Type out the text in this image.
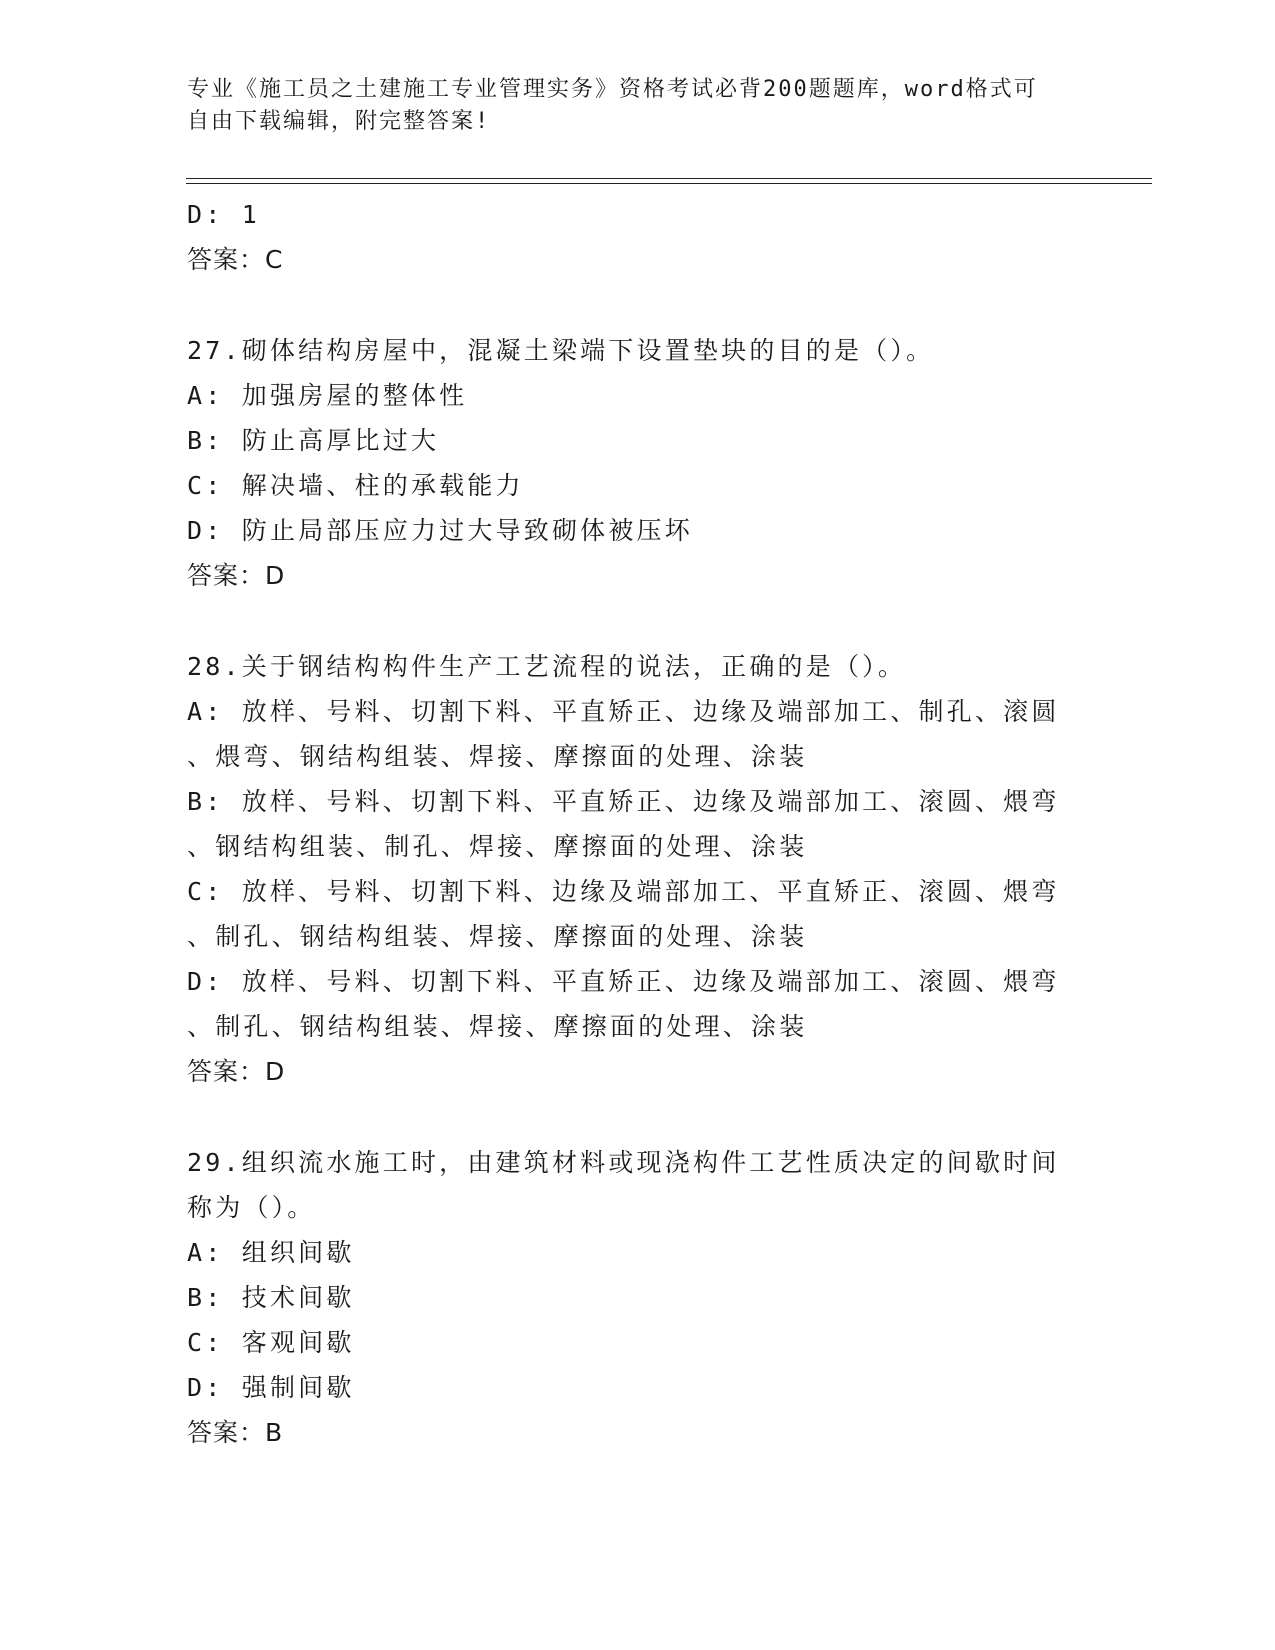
专业《施工员之土建施工专业管理实务》资格考试必背200题题库，word格式可
自由下载编辑，附完整答案!
D: 1
答案：C
27.砌体结构房屋中，混凝土梁端下设置垫块的目的是（）。
A: 加强房屋的整体性
B: 防止高厚比过大
C: 解决墙、柱的承载能力
D: 防止局部压应力过大导致砌体被压坏
答案：D
28.关于钢结构构件生产工艺流程的说法，正确的是（）。
A: 放样、号料、切割下料、平直矫正、边缘及端部加工、制孔、滚圆
、煨弯、钢结构组装、焊接、摩擦面的处理、涂装
B: 放样、号料、切割下料、平直矫正、边缘及端部加工、滚圆、煨弯
、钢结构组装、制孔、焊接、摩擦面的处理、涂装
C: 放样、号料、切割下料、边缘及端部加工、平直矫正、滚圆、煨弯
、制孔、钢结构组装、焊接、摩擦面的处理、涂装
D: 放样、号料、切割下料、平直矫正、边缘及端部加工、滚圆、煨弯
、制孔、钢结构组装、焊接、摩擦面的处理、涂装
答案：D
29.组织流水施工时，由建筑材料或现浇构件工艺性质决定的间歇时间
称为（）。
A: 组织间歇
B: 技术间歇
C: 客观间歇
D: 强制间歇
答案：B
